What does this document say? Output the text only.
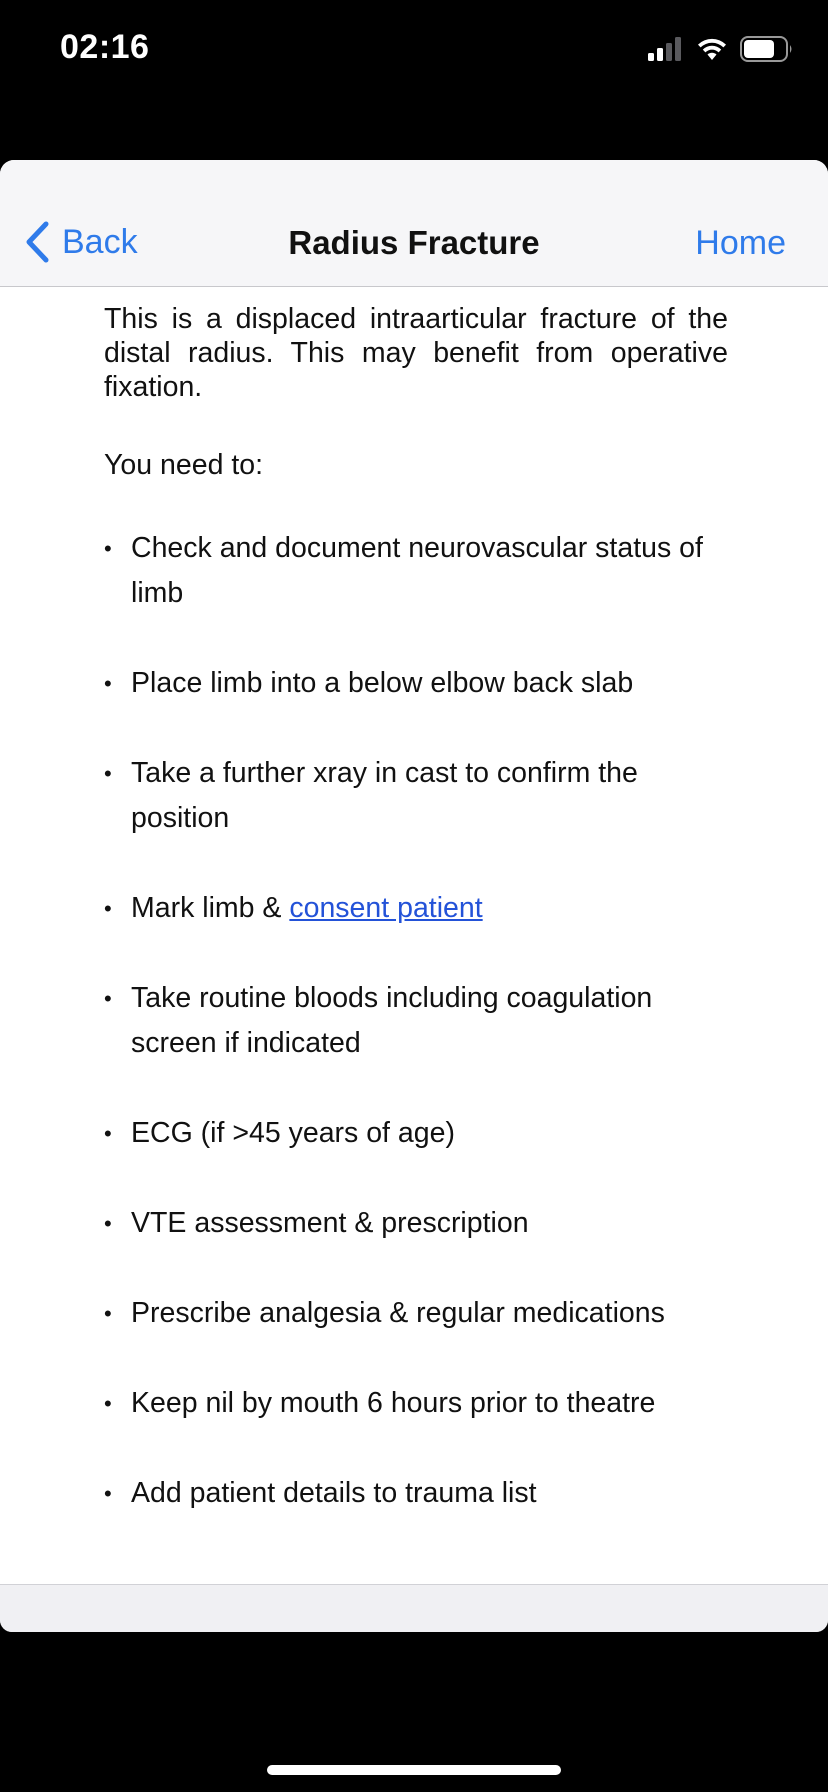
02:16
Back	Radius Fracture	Home

This is a displaced intraarticular fracture of the distal radius. This may benefit from operative fixation.

You need to:

• Check and document neurovascular status of limb
• Place limb into a below elbow back slab
• Take a further xray in cast to confirm the position
• Mark limb & consent patient
• Take routine bloods including coagulation screen if indicated
• ECG (if >45 years of age)
• VTE assessment & prescription
• Prescribe analgesia & regular medications
• Keep nil by mouth 6 hours prior to theatre
• Add patient details to trauma list
